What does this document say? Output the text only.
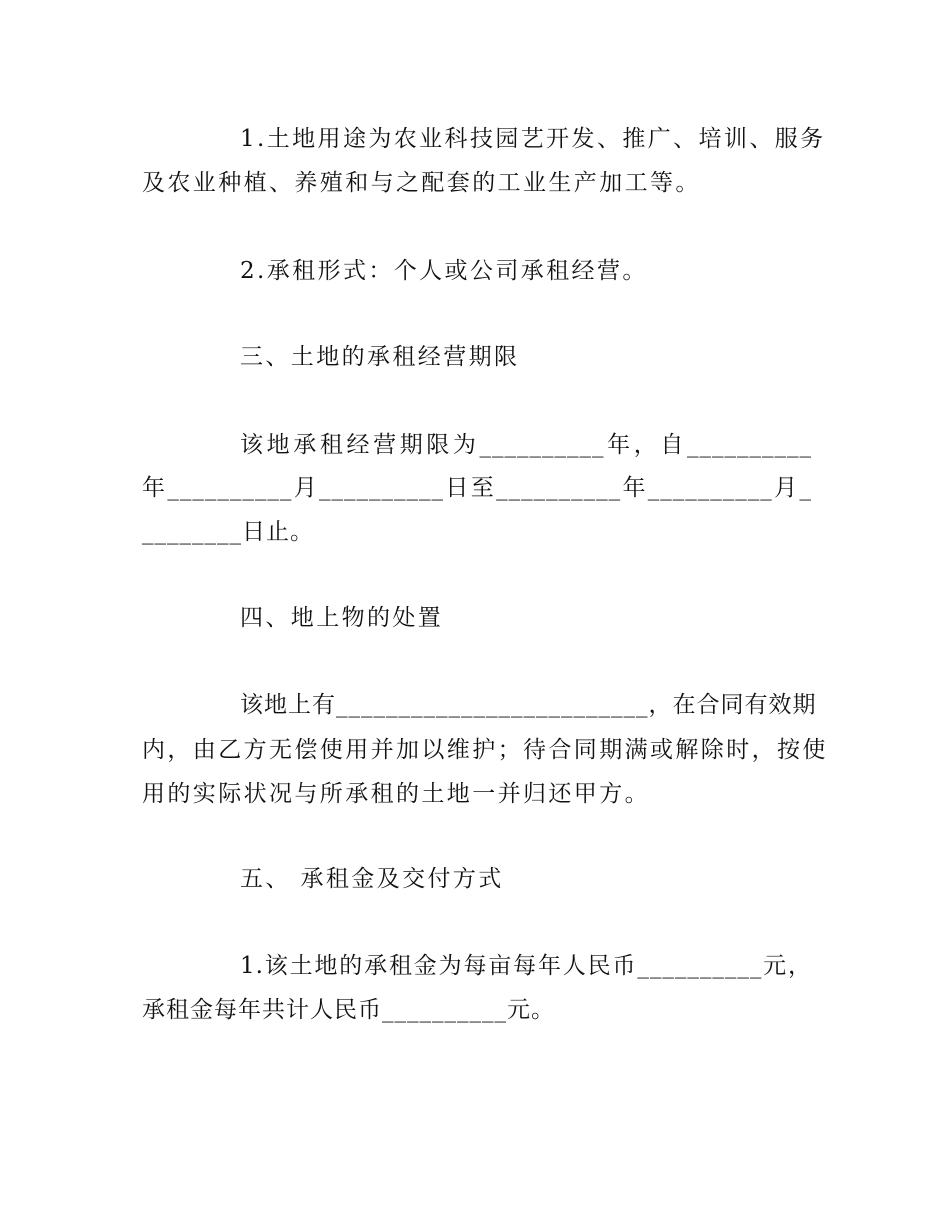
1.土地用途为农业科技园艺开发、推广、培训、服务
及农业种植、养殖和与之配套的工业生产加工等。
2.承租形式：个人或公司承租经营。
三、土地的承租经营期限
该地承租经营期限为__________年，自__________
年__________月__________日至__________年__________月_
________日止。
四、地上物的处置
该地上有_________________________，在合同有效期
内，由乙方无偿使用并加以维护；待合同期满或解除时，按使
用的实际状况与所承租的土地一并归还甲方。
五、 承租金及交付方式
1.该土地的承租金为每亩每年人民币__________元，
承租金每年共计人民币__________元。
